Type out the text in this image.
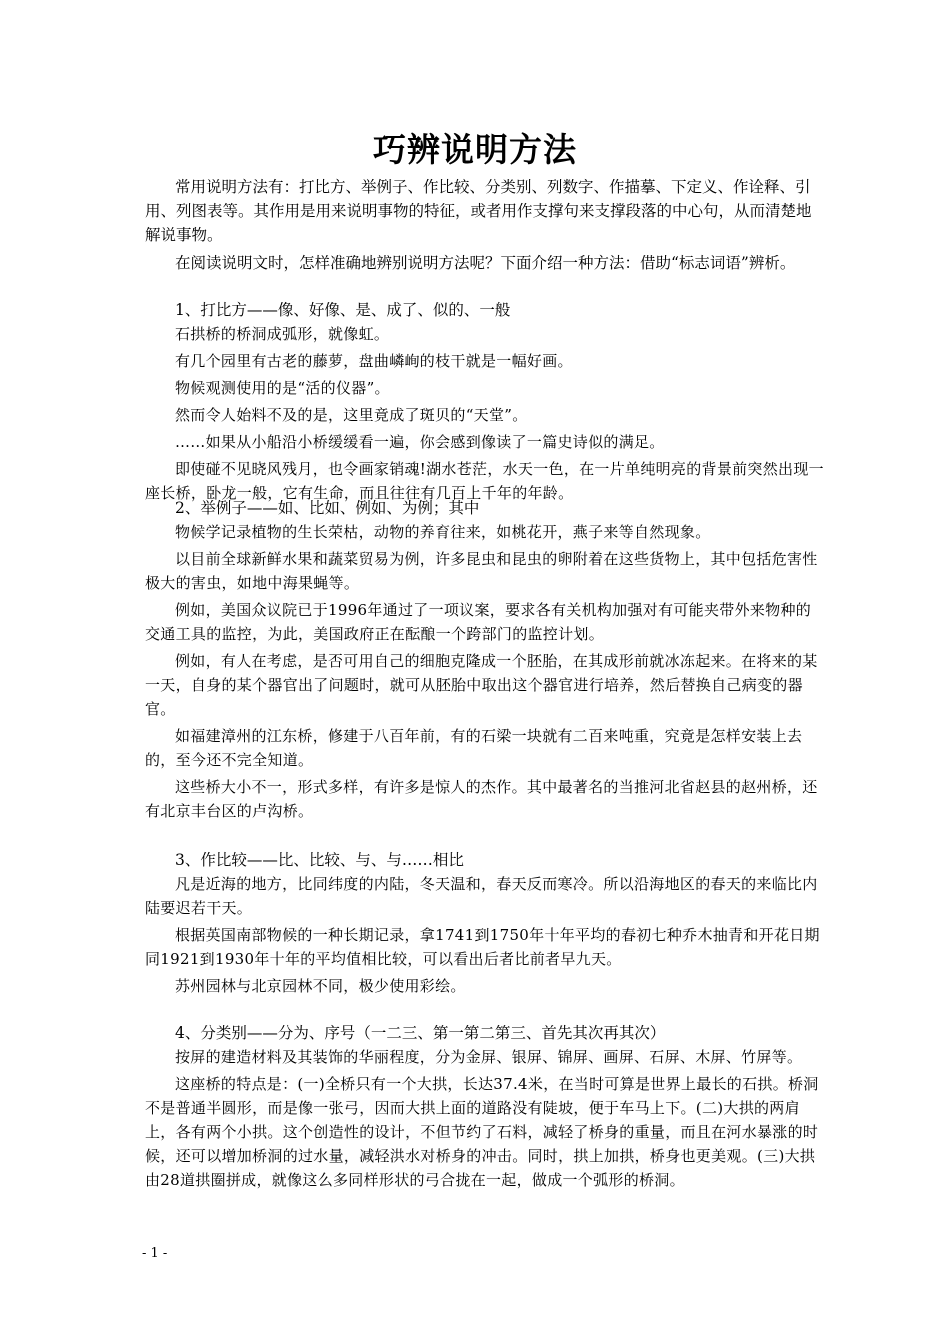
巧辨说明方法

常用说明方法有：打比方、举例子、作比较、分类别、列数字、作描摹、下定义、作诠释、引用、列图表等。其作用是用来说明事物的特征，或者用作支撑句来支撑段落的中心句，从而清楚地解说事物。

在阅读说明文时，怎样准确地辨别说明方法呢？下面介绍一种方法：借助“标志词语”辨析。

1、打比方——像、好像、是、成了、似的、一般

石拱桥的桥洞成弧形，就像虹。

有几个园里有古老的藤萝，盘曲嶙峋的枝干就是一幅好画。

物候观测使用的是“活的仪器”。

然而令人始料不及的是，这里竟成了斑贝的“天堂”。

……如果从小船沿小桥缓缓看一遍，你会感到像读了一篇史诗似的满足。

即使碰不见晓风残月，也令画家销魂!湖水苍茫，水天一色，在一片单纯明亮的背景前突然出现一座长桥，卧龙一般，它有生命，而且往往有几百上千年的年龄。

2、举例子——如、比如、例如、为例；其中

物候学记录植物的生长荣枯，动物的养育往来，如桃花开，燕子来等自然现象。

以目前全球新鲜水果和蔬菜贸易为例，许多昆虫和昆虫的卵附着在这些货物上，其中包括危害性极大的害虫，如地中海果蝇等。

例如，美国众议院已于1996年通过了一项议案，要求各有关机构加强对有可能夹带外来物种的交通工具的监控，为此，美国政府正在酝酿一个跨部门的监控计划。

例如，有人在考虑，是否可用自己的细胞克隆成一个胚胎，在其成形前就冰冻起来。在将来的某一天，自身的某个器官出了问题时，就可从胚胎中取出这个器官进行培养，然后替换自己病变的器官。

如福建漳州的江东桥，修建于八百年前，有的石梁一块就有二百来吨重，究竟是怎样安装上去的，至今还不完全知道。

这些桥大小不一，形式多样，有许多是惊人的杰作。其中最著名的当推河北省赵县的赵州桥，还有北京丰台区的卢沟桥。

3、作比较——比、比较、与、与……相比

凡是近海的地方，比同纬度的内陆，冬天温和，春天反而寒冷。所以沿海地区的春天的来临比内陆要迟若干天。

根据英国南部物候的一种长期记录，拿1741到1750年十年平均的春初七种乔木抽青和开花日期同1921到1930年十年的平均值相比较，可以看出后者比前者早九天。

苏州园林与北京园林不同，极少使用彩绘。

4、分类别——分为、序号（一二三、第一第二第三、首先其次再其次）

按屏的建造材料及其装饰的华丽程度，分为金屏、银屏、锦屏、画屏、石屏、木屏、竹屏等。

这座桥的特点是：(一)全桥只有一个大拱，长达37.4米，在当时可算是世界上最长的石拱。桥洞不是普通半圆形，而是像一张弓，因而大拱上面的道路没有陡坡，便于车马上下。(二)大拱的两肩上，各有两个小拱。这个创造性的设计，不但节约了石料，减轻了桥身的重量，而且在河水暴涨的时候，还可以增加桥洞的过水量，减轻洪水对桥身的冲击。同时，拱上加拱，桥身也更美观。(三)大拱由28道拱圈拼成，就像这么多同样形状的弓合拢在一起，做成一个弧形的桥洞。

- 1 -
